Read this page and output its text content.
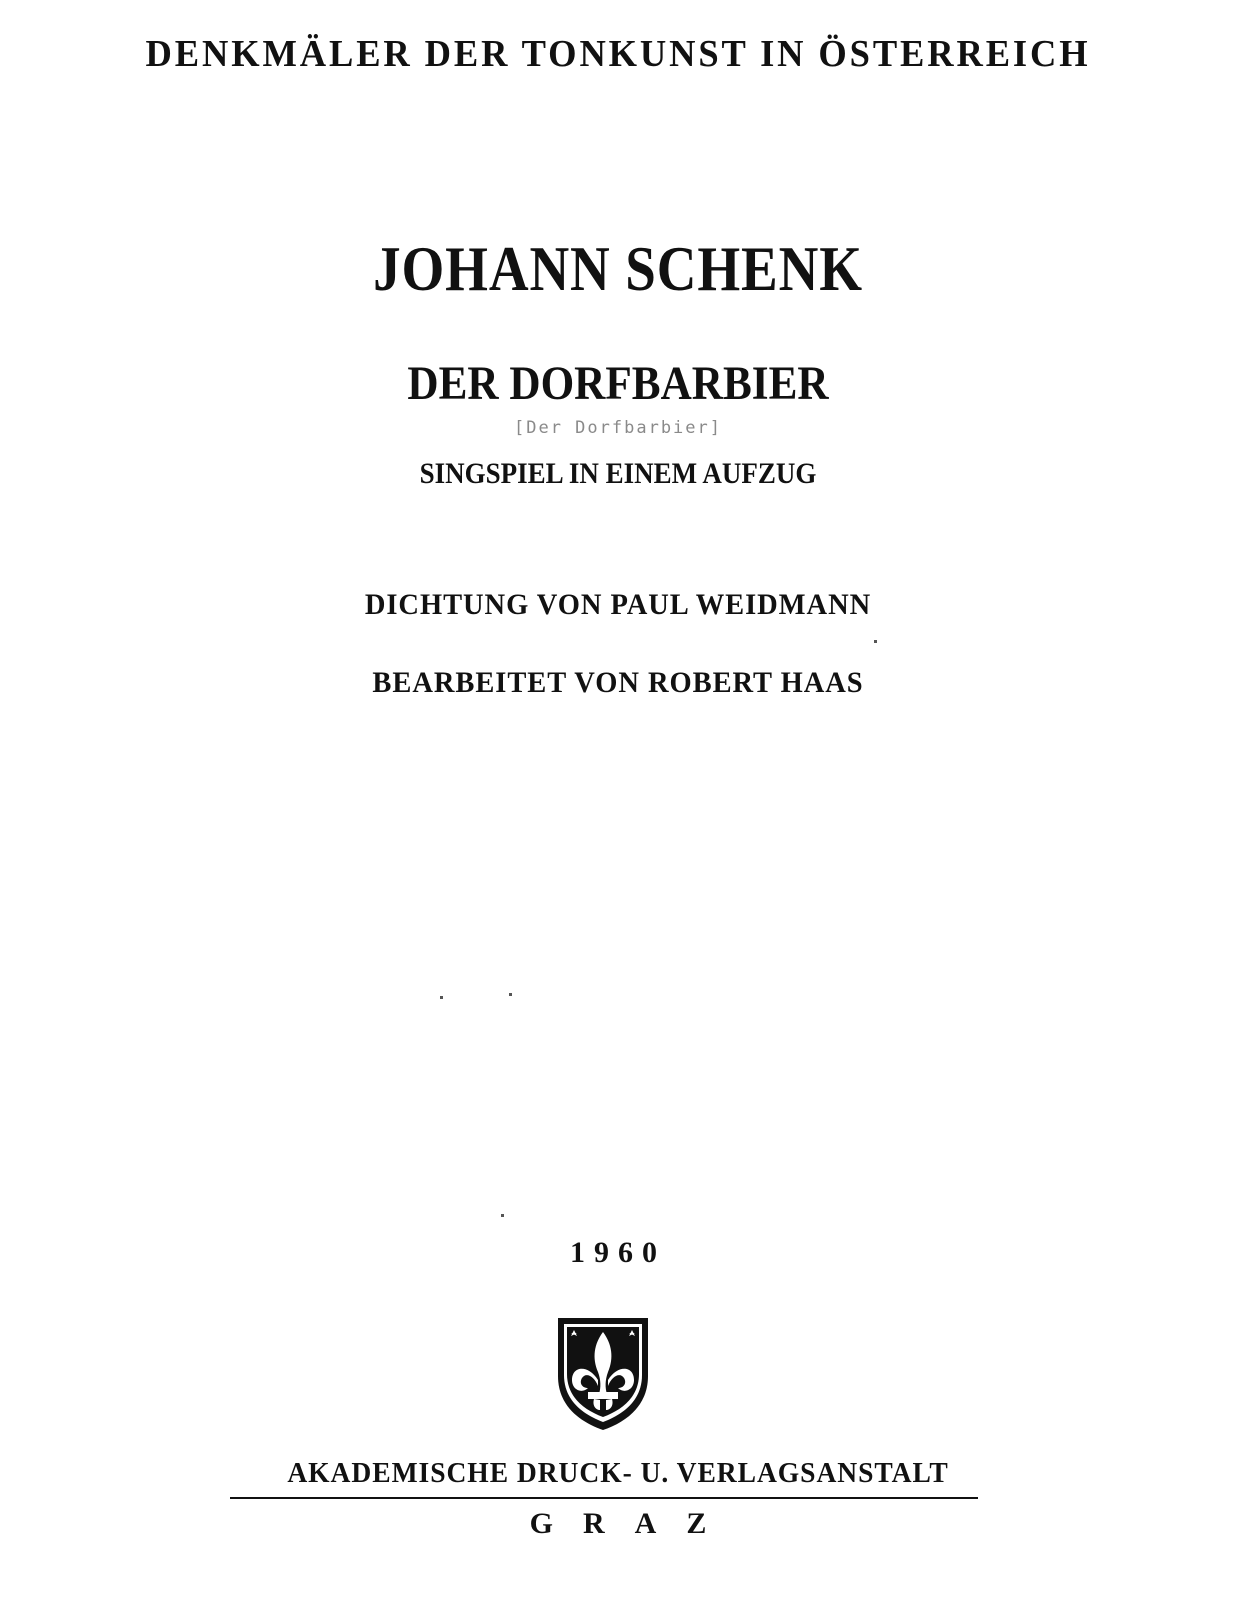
DENKMÄLER DER TONKUNST IN ÖSTERREICH
JOHANN SCHENK
DER DORFBARBIER
[Der Dorfbarbier]
SINGSPIEL IN EINEM AUFZUG
DICHTUNG VON PAUL WEIDMANN
BEARBEITET VON ROBERT HAAS
1960
AKADEMISCHE DRUCK- U. VERLAGSANSTALT
GRAZ
